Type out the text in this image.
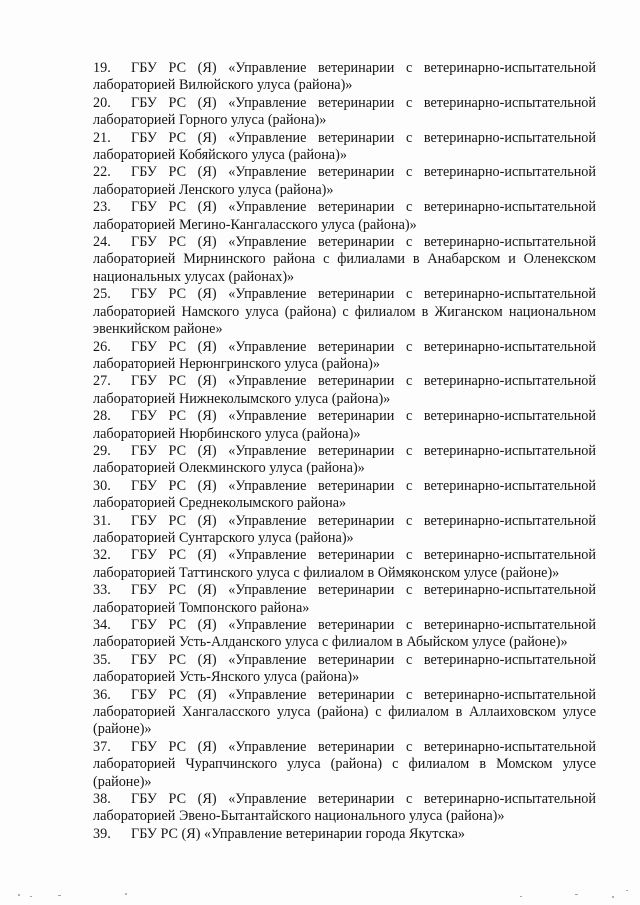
19. ГБУ РС (Я) «Управление ветеринарии с ветеринарно-испытательной лабораторией Вилюйского улуса (района)»
20. ГБУ РС (Я) «Управление ветеринарии с ветеринарно-испытательной лабораторией Горного улуса (района)»
21. ГБУ РС (Я) «Управление ветеринарии с ветеринарно-испытательной лабораторией Кобяйского улуса (района)»
22. ГБУ РС (Я) «Управление ветеринарии с ветеринарно-испытательной лабораторией Ленского улуса (района)»
23. ГБУ РС (Я) «Управление ветеринарии с ветеринарно-испытательной лабораторией Мегино-Кангаласского улуса (района)»
24. ГБУ РС (Я) «Управление ветеринарии с ветеринарно-испытательной лабораторией Мирнинского района с филиалами в Анабарском и Оленекском национальных улусах (районах)»
25. ГБУ РС (Я) «Управление ветеринарии с ветеринарно-испытательной лабораторией Намского улуса (района) с филиалом в Жиганском национальном эвенкийском районе»
26. ГБУ РС (Я) «Управление ветеринарии с ветеринарно-испытательной лабораторией Нерюнгринского улуса (района)»
27. ГБУ РС (Я) «Управление ветеринарии с ветеринарно-испытательной лабораторией Нижнеколымского улуса (района)»
28. ГБУ РС (Я) «Управление ветеринарии с ветеринарно-испытательной лабораторией Нюрбинского улуса (района)»
29. ГБУ РС (Я) «Управление ветеринарии с ветеринарно-испытательной лабораторией Олекминского улуса (района)»
30. ГБУ РС (Я) «Управление ветеринарии с ветеринарно-испытательной лабораторией Среднеколымского района»
31. ГБУ РС (Я) «Управление ветеринарии с ветеринарно-испытательной лабораторией Сунтарского улуса (района)»
32. ГБУ РС (Я) «Управление ветеринарии с ветеринарно-испытательной лабораторией Таттинского улуса с филиалом в Оймяконском улусе (районе)»
33. ГБУ РС (Я) «Управление ветеринарии с ветеринарно-испытательной лабораторией Томпонского района»
34. ГБУ РС (Я) «Управление ветеринарии с ветеринарно-испытательной лабораторией Усть-Алданского улуса с филиалом в Абыйском улусе (районе)»
35. ГБУ РС (Я) «Управление ветеринарии с ветеринарно-испытательной лабораторией Усть-Янского улуса (района)»
36. ГБУ РС (Я) «Управление ветеринарии с ветеринарно-испытательной лабораторией Хангаласского улуса (района) с филиалом в Аллаиховском улусе (районе)»
37. ГБУ РС (Я) «Управление ветеринарии с ветеринарно-испытательной лабораторией Чурапчинского улуса (района) с филиалом в Момском улусе (районе)»
38. ГБУ РС (Я) «Управление ветеринарии с ветеринарно-испытательной лабораторией Эвено-Бытантайского национального улуса (района)»
39. ГБУ РС (Я) «Управление ветеринарии города Якутска»
